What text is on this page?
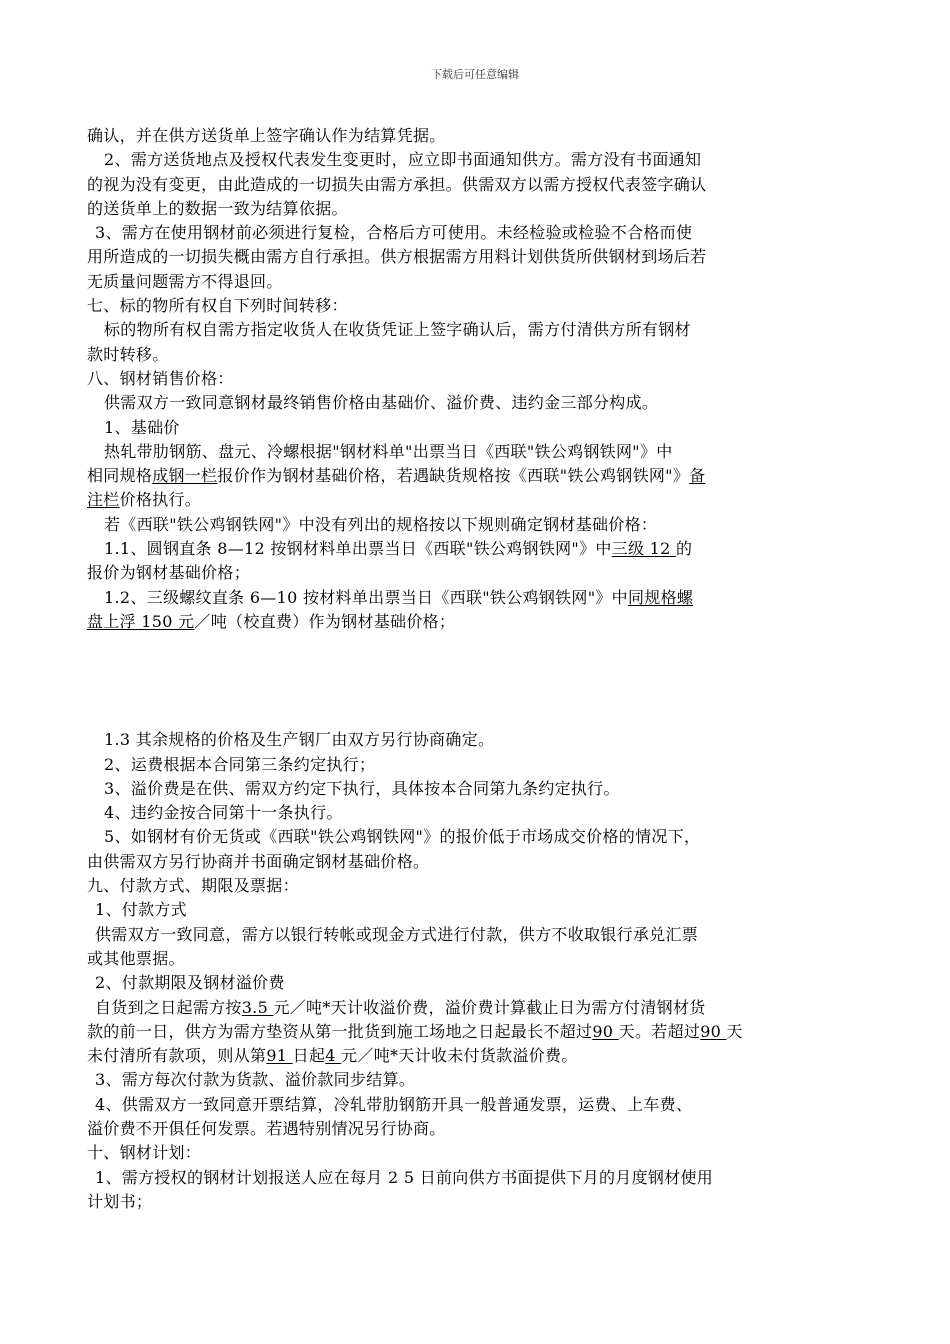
下载后可任意编辑
确认，并在供方送货单上签字确认作为结算凭据。
2、需方送货地点及授权代表发生变更时，应立即书面通知供方。需方没有书面通知
的视为没有变更，由此造成的一切损失由需方承担。供需双方以需方授权代表签字确认
的送货单上的数据一致为结算依据。
3、需方在使用钢材前必须进行复检，合格后方可使用。未经检验或检验不合格而使
用所造成的一切损失概由需方自行承担。供方根据需方用料计划供货所供钢材到场后若
无质量问题需方不得退回。
七、标的物所有权自下列时间转移：
标的物所有权自需方指定收货人在收货凭证上签字确认后，需方付清供方所有钢材
款时转移。
八、钢材销售价格：
供需双方一致同意钢材最终销售价格由基础价、溢价费、违约金三部分构成。
1、基础价
热轧带肋钢筋、盘元、冷螺根据"钢材料单"出票当日《西联"铁公鸡钢铁网"》中
相同规格成钢一栏报价作为钢材基础价格，若遇缺货规格按《西联"铁公鸡钢铁网"》备
注栏价格执行。
若《西联"铁公鸡钢铁网"》中没有列出的规格按以下规则确定钢材基础价格：
1.1、圆钢直条 8—12 按钢材料单出票当日《西联"铁公鸡钢铁网"》中三级 12 的
报价为钢材基础价格；
1.2、三级螺纹直条 6—10 按材料单出票当日《西联"铁公鸡钢铁网"》中同规格螺
盘上浮 150 元／吨（校直费）作为钢材基础价格；
1.3 其余规格的价格及生产钢厂由双方另行协商确定。
2、运费根据本合同第三条约定执行；
3、溢价费是在供、需双方约定下执行，具体按本合同第九条约定执行。
4、违约金按合同第十一条执行。
5、如钢材有价无货或《西联"铁公鸡钢铁网"》的报价低于市场成交价格的情况下，
由供需双方另行协商并书面确定钢材基础价格。
九、付款方式、期限及票据：
1、付款方式
供需双方一致同意，需方以银行转帐或现金方式进行付款，供方不收取银行承兑汇票
或其他票据。
2、付款期限及钢材溢价费
自货到之日起需方按3.5 元／吨*天计收溢价费，溢价费计算截止日为需方付清钢材货
款的前一日，供方为需方垫资从第一批货到施工场地之日起最长不超过90 天。若超过90 天
未付清所有款项，则从第91 日起4 元／吨*天计收未付货款溢价费。
3、需方每次付款为货款、溢价款同步结算。
4、供需双方一致同意开票结算，冷轧带肋钢筋开具一般普通发票，运费、上车费、
溢价费不开俱任何发票。若遇特别情况另行协商。
十、钢材计划：
1、需方授权的钢材计划报送人应在每月 2 5 日前向供方书面提供下月的月度钢材使用
计划书；
